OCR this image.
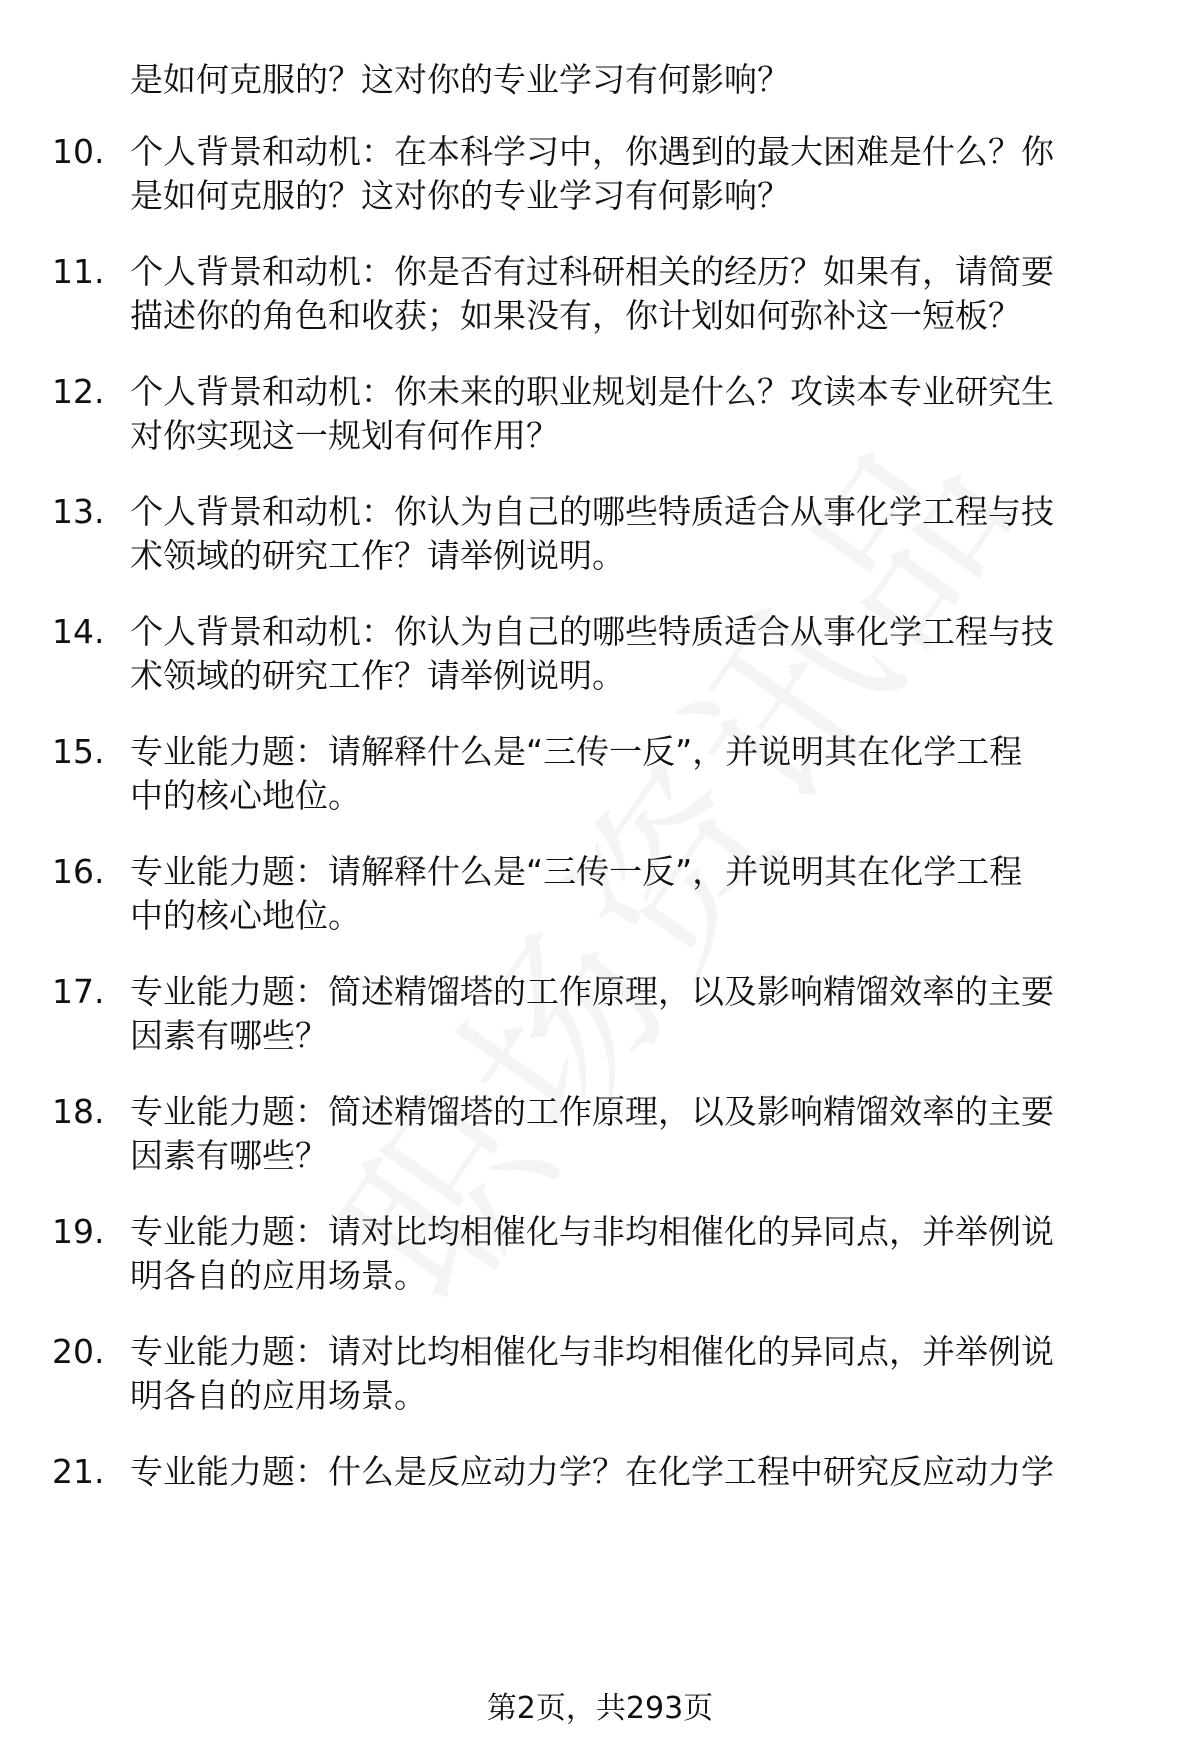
是如何克服的？这对你的专业学习有何影响？
10. 个人背景和动机：在本科学习中，你遇到的最大困难是什么？你
是如何克服的？这对你的专业学习有何影响？
11. 个人背景和动机：你是否有过科研相关的经历？如果有，请简要
描述你的角色和收获；如果没有，你计划如何弥补这一短板？
12. 个人背景和动机：你未来的职业规划是什么？攻读本专业研究生
对你实现这一规划有何作用？
13. 个人背景和动机：你认为自己的哪些特质适合从事化学工程与技
术领域的研究工作？请举例说明。
14. 个人背景和动机：你认为自己的哪些特质适合从事化学工程与技
术领域的研究工作？请举例说明。
15. 专业能力题：请解释什么是“三传一反”，并说明其在化学工程
中的核心地位。
16. 专业能力题：请解释什么是“三传一反”，并说明其在化学工程
中的核心地位。
17. 专业能力题：简述精馏塔的工作原理，以及影响精馏效率的主要
因素有哪些？
18. 专业能力题：简述精馏塔的工作原理，以及影响精馏效率的主要
因素有哪些？
19. 专业能力题：请对比均相催化与非均相催化的异同点，并举例说
明各自的应用场景。
20. 专业能力题：请对比均相催化与非均相催化的异同点，并举例说
明各自的应用场景。
21. 专业能力题：什么是反应动力学？在化学工程中研究反应动力学
第2页，共293页
